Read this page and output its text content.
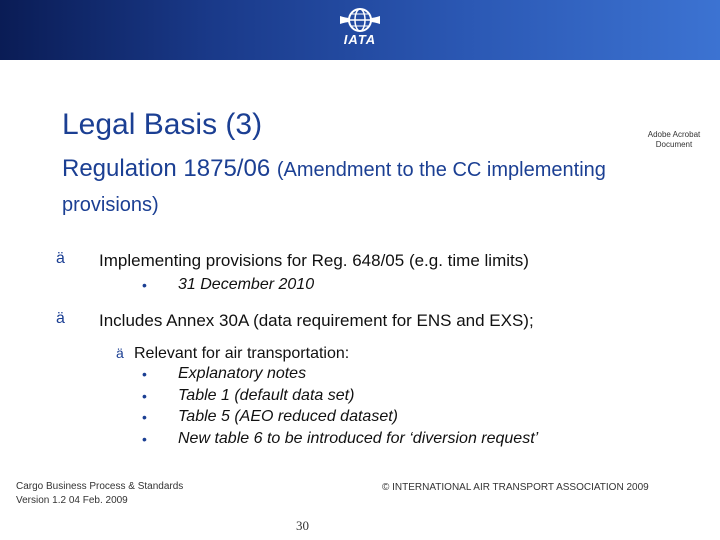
IATA
Legal Basis (3)
Regulation 1875/06 (Amendment to the CC implementing
provisions)
Adobe Acrobat
Document
ä Implementing provisions for Reg. 648/05 (e.g. time limits)
• 31 December 2010
ä Includes Annex 30A (data requirement for ENS and EXS);
ä Relevant for air transportation:
• Explanatory notes
• Table 1 (default data set)
• Table 5 (AEO reduced dataset)
• New table 6 to be introduced for ‘diversion request’
Cargo Business Process & Standards
Version 1.2 04 Feb. 2009
30
© INTERNATIONAL AIR TRANSPORT ASSOCIATION 2009
